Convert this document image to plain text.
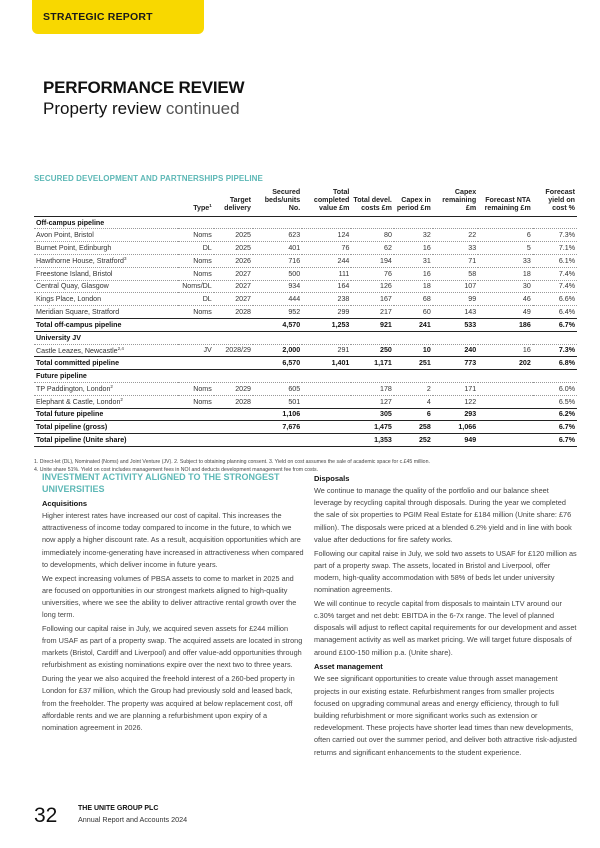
STRATEGIC REPORT
PERFORMANCE REVIEW
Property review continued
SECURED DEVELOPMENT AND PARTNERSHIPS PIPELINE
	Type$^1$	Target delivery	Secured beds/units No.	Total completed value £m	Total devel. costs £m	Capex in period £m	Capex remaining £m	Forecast NTA remaining £m	Forecast yield on cost %
Off-campus pipeline									
Avon Point, Bristol	Noms	2025	623	124	80	32	22	6	7.3%
Burnet Point, Edinburgh	DL	2025	401	76	62	16	33	5	7.1%
Hawthorne House, Stratford$^3$	Noms	2026	716	244	194	31	71	33	6.1%
Freestone Island, Bristol	Noms	2027	500	111	76	16	58	18	7.4%
Central Quay, Glasgow	Noms/DL	2027	934	164	126	18	107	30	7.4%
Kings Place, London	DL	2027	444	238	167	68	99	46	6.6%
Meridian Square, Stratford	Noms	2028	952	299	217	60	143	49	6.4%
Total off-campus pipeline			4,570	1,253	921	241	533	186	6.7%
University JV									
Castle Leazes, Newcastle$^{2,4}$	JV	2028/29	2,000	291	250	10	240	16	7.3%
Total committed pipeline			6,570	1,401	1,171	251	773	202	6.8%
Future pipeline									
TP Paddington, London$^2$	Noms	2029	605		178	2	171		6.0%
Elephant & Castle, London$^2$	Noms	2028	501		127	4	122		6.5%
Total future pipeline			1,106		305	6	293		6.2%
Total pipeline (gross)			7,676		1,475	258	1,066		6.7%
Total pipeline (Unite share)					1,353	252	949		6.7%
1. Direct-let (DL), Nominated (Noms) and Joint Venture (JV). 2. Subject to obtaining planning consent. 3. Yield on cost assumes the sale of academic space for c.£45 million.
4. Unite share 51%. Yield on cost includes management fees in NOI and deducts development management fee from costs.
INVESTMENT ACTIVITY ALIGNED TO THE STRONGEST UNIVERSITIES
Acquisitions

Higher interest rates have increased our cost of capital. This increases the attractiveness of income today compared to income in the future, to which we now apply a higher discount rate. As a result, acquisition opportunities which are immediately income-generating have increased in attractiveness when compared to developments, which deliver income in future years.

We expect increasing volumes of PBSA assets to come to market in 2025 and are focused on opportunities in our strongest markets aligned to high-quality universities, where we see the ability to deliver attractive rental growth over the long term.

Following our capital raise in July, we acquired seven assets for £244 million from USAF as part of a property swap. The acquired assets are located in strong markets (Bristol, Cardiff and Liverpool) and offer value-add opportunities through refurbishment as existing nominations expire over the next two to three years.

During the year we also acquired the freehold interest of a 260-bed property in London for £37 million, which the Group had previously sold and leased back, from the freeholder. The property was acquired at below replacement cost, off affordable rents and we are planning a refurbishment upon expiry of a nomination agreement in 2026.

Disposals

We continue to manage the quality of the portfolio and our balance sheet leverage by recycling capital through disposals. During the year we completed the sale of six properties to PGIM Real Estate for £184 million (Unite share: £76 million). The disposals were priced at a blended 6.2% yield and in line with book value after deductions for fire safety works.

Following our capital raise in July, we sold two assets to USAF for £120 million as part of a property swap. The assets, located in Bristol and Liverpool, offer modern, high-quality accommodation with 58% of beds let under university nomination agreements.

We will continue to recycle capital from disposals to maintain LTV around our c.30% target and net debt: EBITDA in the 6-7x range. The level of planned disposals will adjust to reflect capital requirements for our development and asset management activity as well as market pricing. We will target future disposals of around £100-150 million p.a. (Unite share).

Asset management

We see significant opportunities to create value through asset management projects in our existing estate. Refurbishment ranges from smaller projects focused on upgrading communal areas and energy efficiency, through to full building refurbishment or more significant works such as extension or redevelopment. These projects have shorter lead times than new developments, often carried out over the summer period, and deliver both attractive risk-adjusted returns and significant enhancements to the student experience.

32	THE UNITE GROUP PLC
Annual Report and Accounts 2024
